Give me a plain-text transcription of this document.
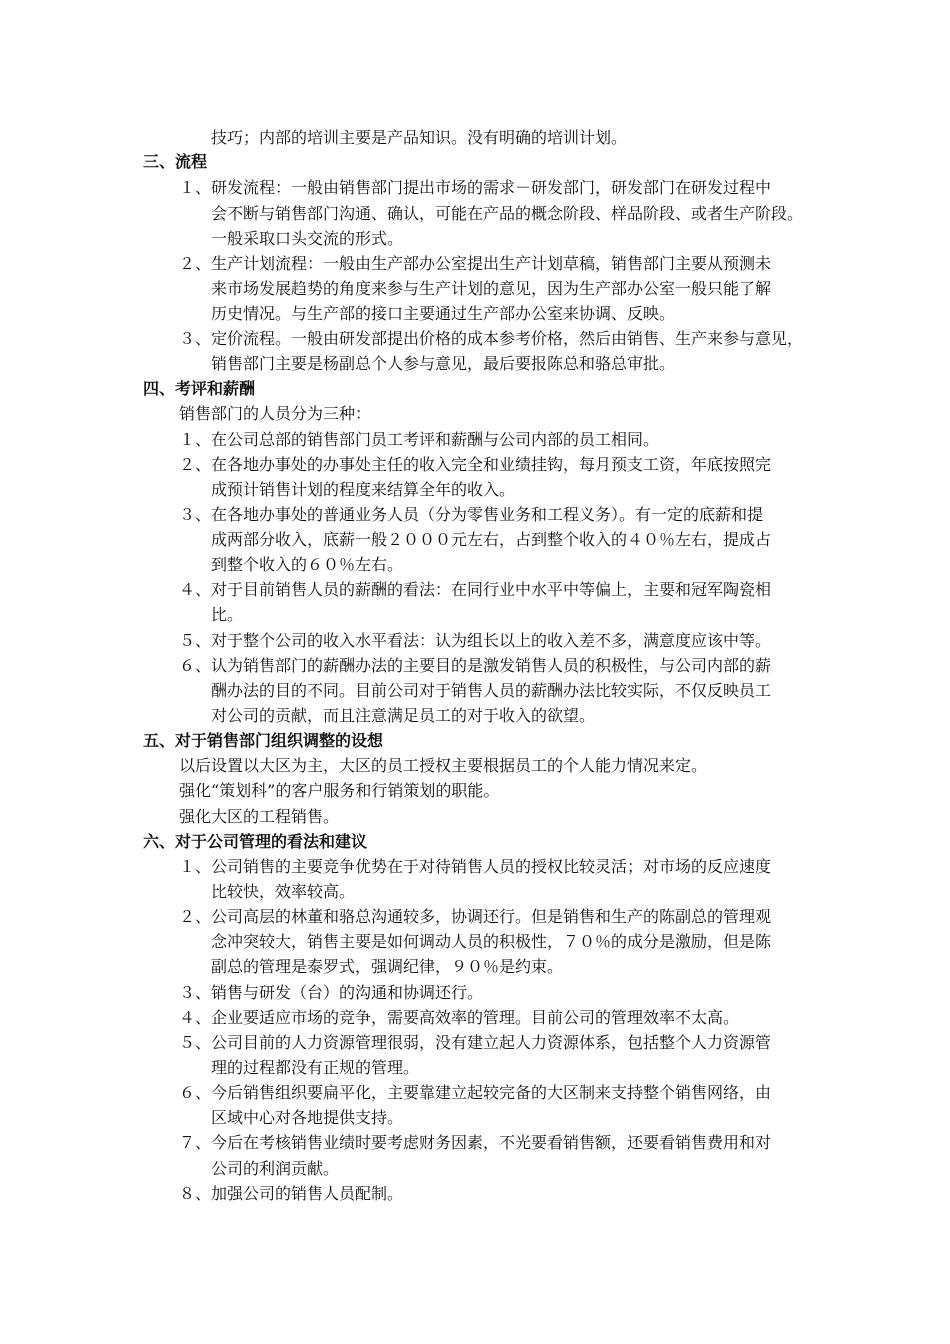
技巧；内部的培训主要是产品知识。没有明确的培训计划。
三、流程
１、研发流程：一般由销售部门提出市场的需求－研发部门，研发部门在研发过程中
会不断与销售部门沟通、确认，可能在产品的概念阶段、样品阶段、或者生产阶段。
一般采取口头交流的形式。
２、生产计划流程：一般由生产部办公室提出生产计划草稿，销售部门主要从预测未
来市场发展趋势的角度来参与生产计划的意见，因为生产部办公室一般只能了解
历史情况。与生产部的接口主要通过生产部办公室来协调、反映。
３、定价流程。一般由研发部提出价格的成本参考价格，然后由销售、生产来参与意见，
销售部门主要是杨副总个人参与意见，最后要报陈总和骆总审批。
四、考评和薪酬
销售部门的人员分为三种：
１、在公司总部的销售部门员工考评和薪酬与公司内部的员工相同。
２、在各地办事处的办事处主任的收入完全和业绩挂钩，每月预支工资，年底按照完
成预计销售计划的程度来结算全年的收入。
３、在各地办事处的普通业务人员（分为零售业务和工程义务）。有一定的底薪和提
成两部分收入，底薪一般２０００元左右，占到整个收入的４０％左右，提成占
到整个收入的６０％左右。
４、对于目前销售人员的薪酬的看法：在同行业中水平中等偏上，主要和冠军陶瓷相
比。
５、对于整个公司的收入水平看法：认为组长以上的收入差不多，满意度应该中等。
６、认为销售部门的薪酬办法的主要目的是激发销售人员的积极性，与公司内部的薪
酬办法的目的不同。目前公司对于销售人员的薪酬办法比较实际，不仅反映员工
对公司的贡献，而且注意满足员工的对于收入的欲望。
五、对于销售部门组织调整的设想
以后设置以大区为主，大区的员工授权主要根据员工的个人能力情况来定。
强化“策划科”的客户服务和行销策划的职能。
强化大区的工程销售。
六、对于公司管理的看法和建议
１、公司销售的主要竞争优势在于对待销售人员的授权比较灵活；对市场的反应速度
比较快，效率较高。
２、公司高层的林董和骆总沟通较多，协调还行。但是销售和生产的陈副总的管理观
念冲突较大，销售主要是如何调动人员的积极性，７０％的成分是激励，但是陈
副总的管理是泰罗式，强调纪律，９０％是约束。
３、销售与研发（台）的沟通和协调还行。
４、企业要适应市场的竞争，需要高效率的管理。目前公司的管理效率不太高。
５、公司目前的人力资源管理很弱，没有建立起人力资源体系，包括整个人力资源管
理的过程都没有正规的管理。
６、今后销售组织要扁平化，主要靠建立起较完备的大区制来支持整个销售网络，由
区域中心对各地提供支持。
７、今后在考核销售业绩时要考虑财务因素，不光要看销售额，还要看销售费用和对
公司的利润贡献。
８、加强公司的销售人员配制。
